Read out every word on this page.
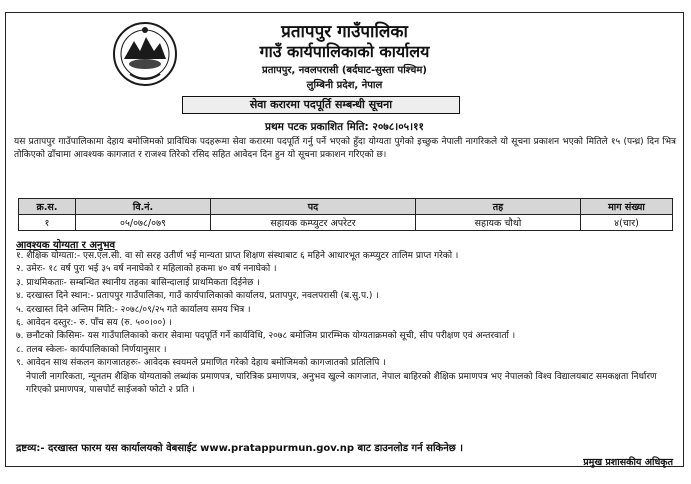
प्रतापपुर गाउँपालिका
गाउँ कार्यपालिकाको कार्यालय
प्रतापपुर, नवलपरासी (बर्दघाट-सुस्ता पश्चिम)
लुम्बिनी प्रदेश, नेपाल
सेवा करारमा पदपूर्ति सम्बन्धी सूचना
प्रथम पटक प्रकाशित मिति: २०७८।०५।११
यस प्रतापपुर गाउँपालिकामा देहाय बमोजिमको प्राविधिक पदहरूमा सेवा करारमा पदपूर्ति गर्नु पर्ने भएको हुँदा योग्यता पुगेको इच्छुक नेपाली नागरिकले यो सूचना प्रकाशन भएको मितिले १५ (पन्ध्र) दिन भित्र तोकिएको ढाँचामा आवश्यक कागजात र राजश्व तिरेको रसिद सहित आवेदन दिन हुन यो सूचना प्रकाशन गरिएको छ।
क्र.स.	वि.नं.	पद	तह	माग संख्या
१	०५/०७८/०७९	सहायक कम्प्युटर अपरेटर	सहायक चौथो	४(चार)
आवश्यक योग्यता र अनुभव
१. शैक्षिक योग्यता:- एस.एल.सी. वा सो सरह उतीर्ण भई मान्यता प्राप्त शिक्षण संस्थाबाट ६ महिने आधारभूत कम्प्युटर तालिम प्राप्त गरेको ।
२. उमेरः- १८ वर्ष पुरा भई ३५ वर्ष ननाघेको र महिलाको हकमा ४० वर्ष ननाघेको ।
३. प्राथमिकताः- सम्बन्धित स्थानीय तहका बासिन्दालाई प्राथमिकता दिईनेछ ।
४. दरखास्त दिने स्थान:- प्रतापपुर गाउँपालिका, गाउँ कार्यपालिकाको कार्यालय, प्रतापपुर, नवलपरासी (ब.सु.प.) ।
५. दरखास्त दिने अन्तिम मिति:- २०७८/०९/२५ गते कार्यालय समय भित्र ।
६. आवेदन दस्तुर:- रु. पाँच सय (रु. ५००।००) ।
७. छनौटको किसिमः- यस गाउँपालिकाको करार सेवामा पदपूर्ति गर्ने कार्यविधि, २०७८ बमोजिम प्रारम्भिक योग्यताक्रमको सूची, सीप परीक्षण एवं अन्तरवार्ता ।
८. तलब स्केलः- कार्यपालिकाको निर्णयानुसार ।
९. आवेदन साथ संकलन कागजातहरुः- आवेदक स्वयमले प्रमाणित गरेको देहाय बमोजिमको कागजातको प्रतिलिपि ।
नेपाली नागरिकता, न्यूनतम शैक्षिक योग्यताको लब्धांक प्रमाणपत्र, चारित्रिक प्रमाणपत्र, अनुभव खुल्ने कागजात, नेपाल बाहिरको शैक्षिक प्रमाणपत्र भए नेपालको विश्व विद्यालयबाट समकक्षता निर्धारण गरिएको प्रमाणपत्र, पासपोर्ट साईजको फोटो २ प्रति ।
द्रष्टव्य:- दरखास्त फारम यस कार्यालयको वेबसाईट www.pratappurmun.gov.np बाट डाउनलोड गर्न सकिनेछ ।
प्रमुख प्रशासकीय अधिकृत
